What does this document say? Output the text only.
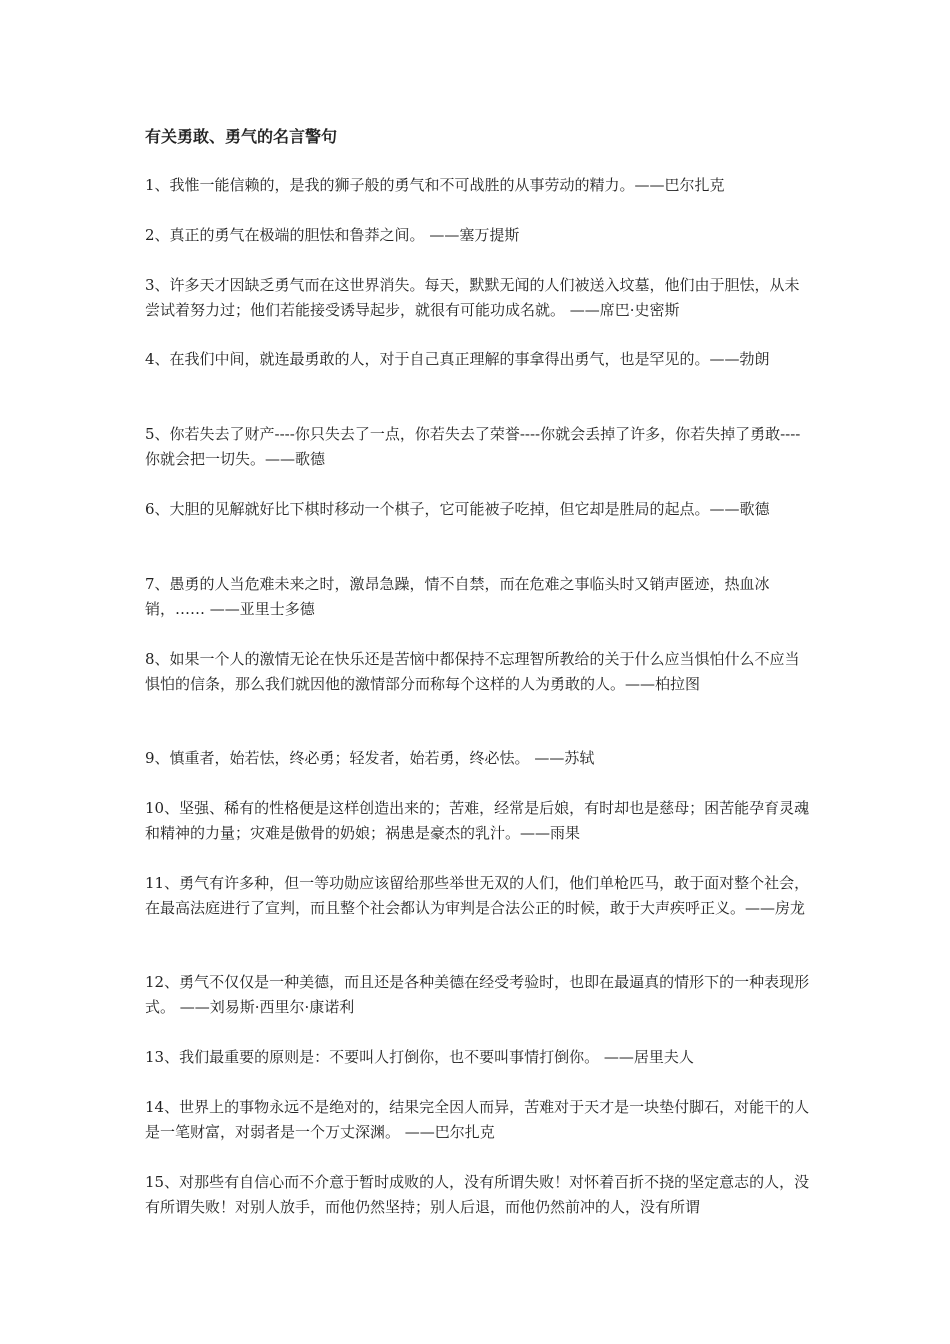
有关勇敢、勇气的名言警句
1、我惟一能信赖的，是我的狮子般的勇气和不可战胜的从事劳动的精力。——巴尔扎克
2、真正的勇气在极端的胆怯和鲁莽之间。 ——塞万提斯
3、许多天才因缺乏勇气而在这世界消失。每天，默默无闻的人们被送入坟墓，他们由于胆怯，从未尝试着努力过；他们若能接受诱导起步，就很有可能功成名就。 ——席巴·史密斯
4、在我们中间，就连最勇敢的人，对于自己真正理解的事拿得出勇气，也是罕见的。——勃朗
5、你若失去了财产----你只失去了一点，你若失去了荣誉----你就会丢掉了许多，你若失掉了勇敢----你就会把一切失。——歌德
6、大胆的见解就好比下棋时移动一个棋子，它可能被子吃掉，但它却是胜局的起点。——歌德
7、愚勇的人当危难未来之时，激昂急躁，情不自禁，而在危难之事临头时又销声匿迹，热血冰销，…… ——亚里士多德
8、如果一个人的激情无论在快乐还是苦恼中都保持不忘理智所教给的关于什么应当惧怕什么不应当惧怕的信条，那么我们就因他的激情部分而称每个这样的人为勇敢的人。——柏拉图
9、慎重者，始若怯，终必勇；轻发者，始若勇，终必怯。 ——苏轼
10、坚强、稀有的性格便是这样创造出来的；苦难，经常是后娘，有时却也是慈母；困苦能孕育灵魂和精神的力量；灾难是傲骨的奶娘；祸患是豪杰的乳汁。——雨果
11、勇气有许多种，但一等功勋应该留给那些举世无双的人们，他们单枪匹马，敢于面对整个社会，在最高法庭进行了宣判，而且整个社会都认为审判是合法公正的时候，敢于大声疾呼正义。——房龙
12、勇气不仅仅是一种美德，而且还是各种美德在经受考验时，也即在最逼真的情形下的一种表现形式。 ——刘易斯·西里尔·康诺利
13、我们最重要的原则是：不要叫人打倒你，也不要叫事情打倒你。 ——居里夫人
14、世界上的事物永远不是绝对的，结果完全因人而异，苦难对于天才是一块垫付脚石，对能干的人是一笔财富，对弱者是一个万丈深渊。 ——巴尔扎克
15、对那些有自信心而不介意于暂时成败的人，没有所谓失败！对怀着百折不挠的坚定意志的人，没有所谓失败！对别人放手，而他仍然坚持；别人后退，而他仍然前冲的人，没有所谓
